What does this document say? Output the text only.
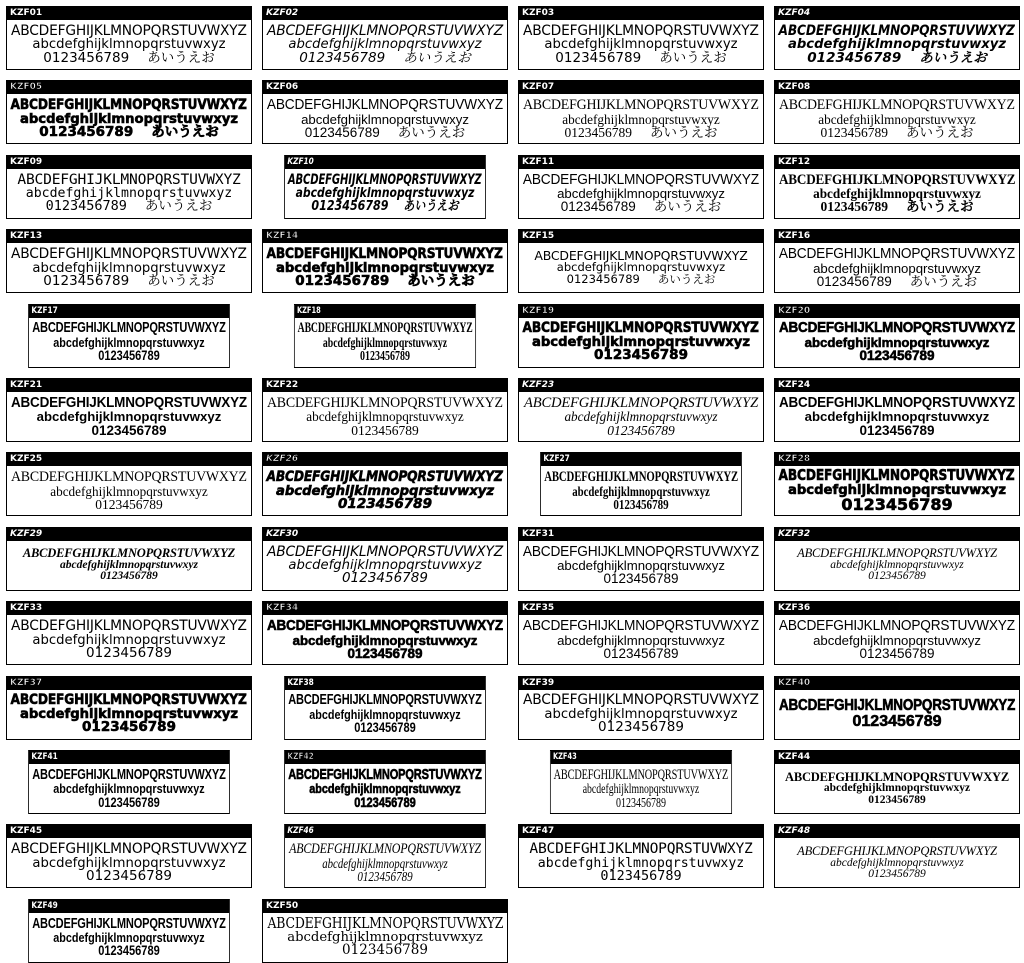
KZF01
ABCDEFGHIJKLMNOPQRSTUVWXYZ
abcdefghijklmnopqrstuvwxyz
0123456789 あいうえお
KZF02
ABCDEFGHIJKLMNOPQRSTUVWXYZ
abcdefghijklmnopqrstuvwxyz
0123456789 あいうえお
KZF03
ABCDEFGHIJKLMNOPQRSTUVWXYZ
abcdefghijklmnopqrstuvwxyz
0123456789 あいうえお
KZF04
ABCDEFGHIJKLMNOPQRSTUVWXYZ
abcdefghijklmnopqrstuvwxyz
0123456789 あいうえお
KZF05
ABCDEFGHIJKLMNOPQRSTUVWXYZ
abcdefghijklmnopqrstuvwxyz
0123456789 あいうえお
KZF06
ABCDEFGHIJKLMNOPQRSTUVWXYZ
abcdefghijklmnopqrstuvwxyz
0123456789 あいうえお
KZF07
ABCDEFGHIJKLMNOPQRSTUVWXYZ
abcdefghijklmnopqrstuvwxyz
0123456789 あいうえお
KZF08
ABCDEFGHIJKLMNOPQRSTUVWXYZ
abcdefghijklmnopqrstuvwxyz
0123456789 あいうえお
KZF09
ABCDEFGHIJKLMNOPQRSTUVWXYZ
abcdefghijklmnopqrstuvwxyz
0123456789 あいうえお
KZF10
ABCDEFGHIJKLMNOPQRSTUVWXYZ
abcdefghijklmnopqrstuvwxyz
0123456789 あいうえお
KZF11
ABCDEFGHIJKLMNOPQRSTUVWXYZ
abcdefghijklmnopqrstuvwxyz
0123456789 あいうえお
KZF12
ABCDEFGHIJKLMNOPQRSTUVWXYZ
abcdefghijklmnopqrstuvwxyz
0123456789 あいうえお
KZF13
ABCDEFGHIJKLMNOPQRSTUVWXYZ
abcdefghijklmnopqrstuvwxyz
0123456789 あいうえお
KZF14
ABCDEFGHIJKLMNOPQRSTUVWXYZ
abcdefghijklmnopqrstuvwxyz
0123456789 あいうえお
KZF15
ABCDEFGHIJKLMNOPQRSTUVWXYZ
abcdefghijklmnopqrstuvwxyz
0123456789 あいうえお
KZF16
ABCDEFGHIJKLMNOPQRSTUVWXYZ
abcdefghijklmnopqrstuvwxyz
0123456789 あいうえお
KZF17
ABCDEFGHIJKLMNOPQRSTUVWXYZ
abcdefghijklmnopqrstuvwxyz
0123456789
KZF18
ABCDEFGHIJKLMNOPQRSTUVWXYZ
abcdefghijklmnopqrstuvwxyz
0123456789
KZF19
ABCDEFGHIJKLMNOPQRSTUVWXYZ
abcdefghijklmnopqrstuvwxyz
0123456789
KZF20
ABCDEFGHIJKLMNOPQRSTUVWXYZ
abcdefghijklmnopqrstuvwxyz
0123456789
KZF21
ABCDEFGHIJKLMNOPQRSTUVWXYZ
abcdefghijklmnopqrstuvwxyz
0123456789
KZF22
ABCDEFGHIJKLMNOPQRSTUVWXYZ
abcdefghijklmnopqrstuvwxyz
0123456789
KZF23
ABCDEFGHIJKLMNOPQRSTUVWXYZ
abcdefghijklmnopqrstuvwxyz
0123456789
KZF24
ABCDEFGHIJKLMNOPQRSTUVWXYZ
abcdefghijklmnopqrstuvwxyz
0123456789
KZF25
ABCDEFGHIJKLMNOPQRSTUVWXYZ
abcdefghijklmnopqrstuvwxyz
0123456789
KZF26
ABCDEFGHIJKLMNOPQRSTUVWXYZ
abcdefghijklmnopqrstuvwxyz
0123456789
KZF27
ABCDEFGHIJKLMNOPQRSTUVWXYZ
abcdefghijklmnopqrstuvwxyz
0123456789
KZF28
ABCDEFGHIJKLMNOPQRSTUVWXYZ
abcdefghijklmnopqrstuvwxyz
0123456789
KZF29
ABCDEFGHIJKLMNOPQRSTUVWXYZ
abcdefghijklmnopqrstuvwxyz
0123456789
KZF30
ABCDEFGHIJKLMNOPQRSTUVWXYZ
abcdefghijklmnopqrstuvwxyz
0123456789
KZF31
ABCDEFGHIJKLMNOPQRSTUVWXYZ
abcdefghijklmnopqrstuvwxyz
0123456789
KZF32
ABCDEFGHIJKLMNOPQRSTUVWXYZ
abcdefghijklmnopqrstuvwxyz
0123456789
KZF33
ABCDEFGHIJKLMNOPQRSTUVWXYZ
abcdefghijklmnopqrstuvwxyz
0123456789
KZF34
ABCDEFGHIJKLMNOPQRSTUVWXYZ
abcdefghijklmnopqrstuvwxyz
0123456789
KZF35
ABCDEFGHIJKLMNOPQRSTUVWXYZ
abcdefghijklmnopqrstuvwxyz
0123456789
KZF36
ABCDEFGHIJKLMNOPQRSTUVWXYZ
abcdefghijklmnopqrstuvwxyz
0123456789
KZF37
ABCDEFGHIJKLMNOPQRSTUVWXYZ
abcdefghijklmnopqrstuvwxyz
0123456789
KZF38
ABCDEFGHIJKLMNOPQRSTUVWXYZ
abcdefghijklmnopqrstuvwxyz
0123456789
KZF39
ABCDEFGHIJKLMNOPQRSTUVWXYZ
abcdefghijklmnopqrstuvwxyz
0123456789
KZF40
ABCDEFGHIJKLMNOPQRSTUVWXYZ
0123456789
KZF41
ABCDEFGHIJKLMNOPQRSTUVWXYZ
abcdefghijklmnopqrstuvwxyz
0123456789
KZF42
ABCDEFGHIJKLMNOPQRSTUVWXYZ
abcdefghijklmnopqrstuvwxyz
0123456789
KZF43
ABCDEFGHIJKLMNOPQRSTUVWXYZ
abcdefghijklmnopqrstuvwxyz
0123456789
KZF44
ABCDEFGHIJKLMNOPQRSTUVWXYZ
abcdefghijklmnopqrstuvwxyz
0123456789
KZF45
ABCDEFGHIJKLMNOPQRSTUVWXYZ
abcdefghijklmnopqrstuvwxyz
0123456789
KZF46
ABCDEFGHIJKLMNOPQRSTUVWXYZ
abcdefghijklmnopqrstuvwxyz
0123456789
KZF47
ABCDEFGHIJKLMNOPQRSTUVWXYZ
abcdefghijklmnopqrstuvwxyz
0123456789
KZF48
ABCDEFGHIJKLMNOPQRSTUVWXYZ
abcdefghijklmnopqrstuvwxyz
0123456789
KZF49
ABCDEFGHIJKLMNOPQRSTUVWXYZ
abcdefghijklmnopqrstuvwxyz
0123456789
KZF50
ABCDEFGHIJKLMNOPQRSTUVWXYZ
abcdefghijklmnopqrstuvwxyz
0123456789
